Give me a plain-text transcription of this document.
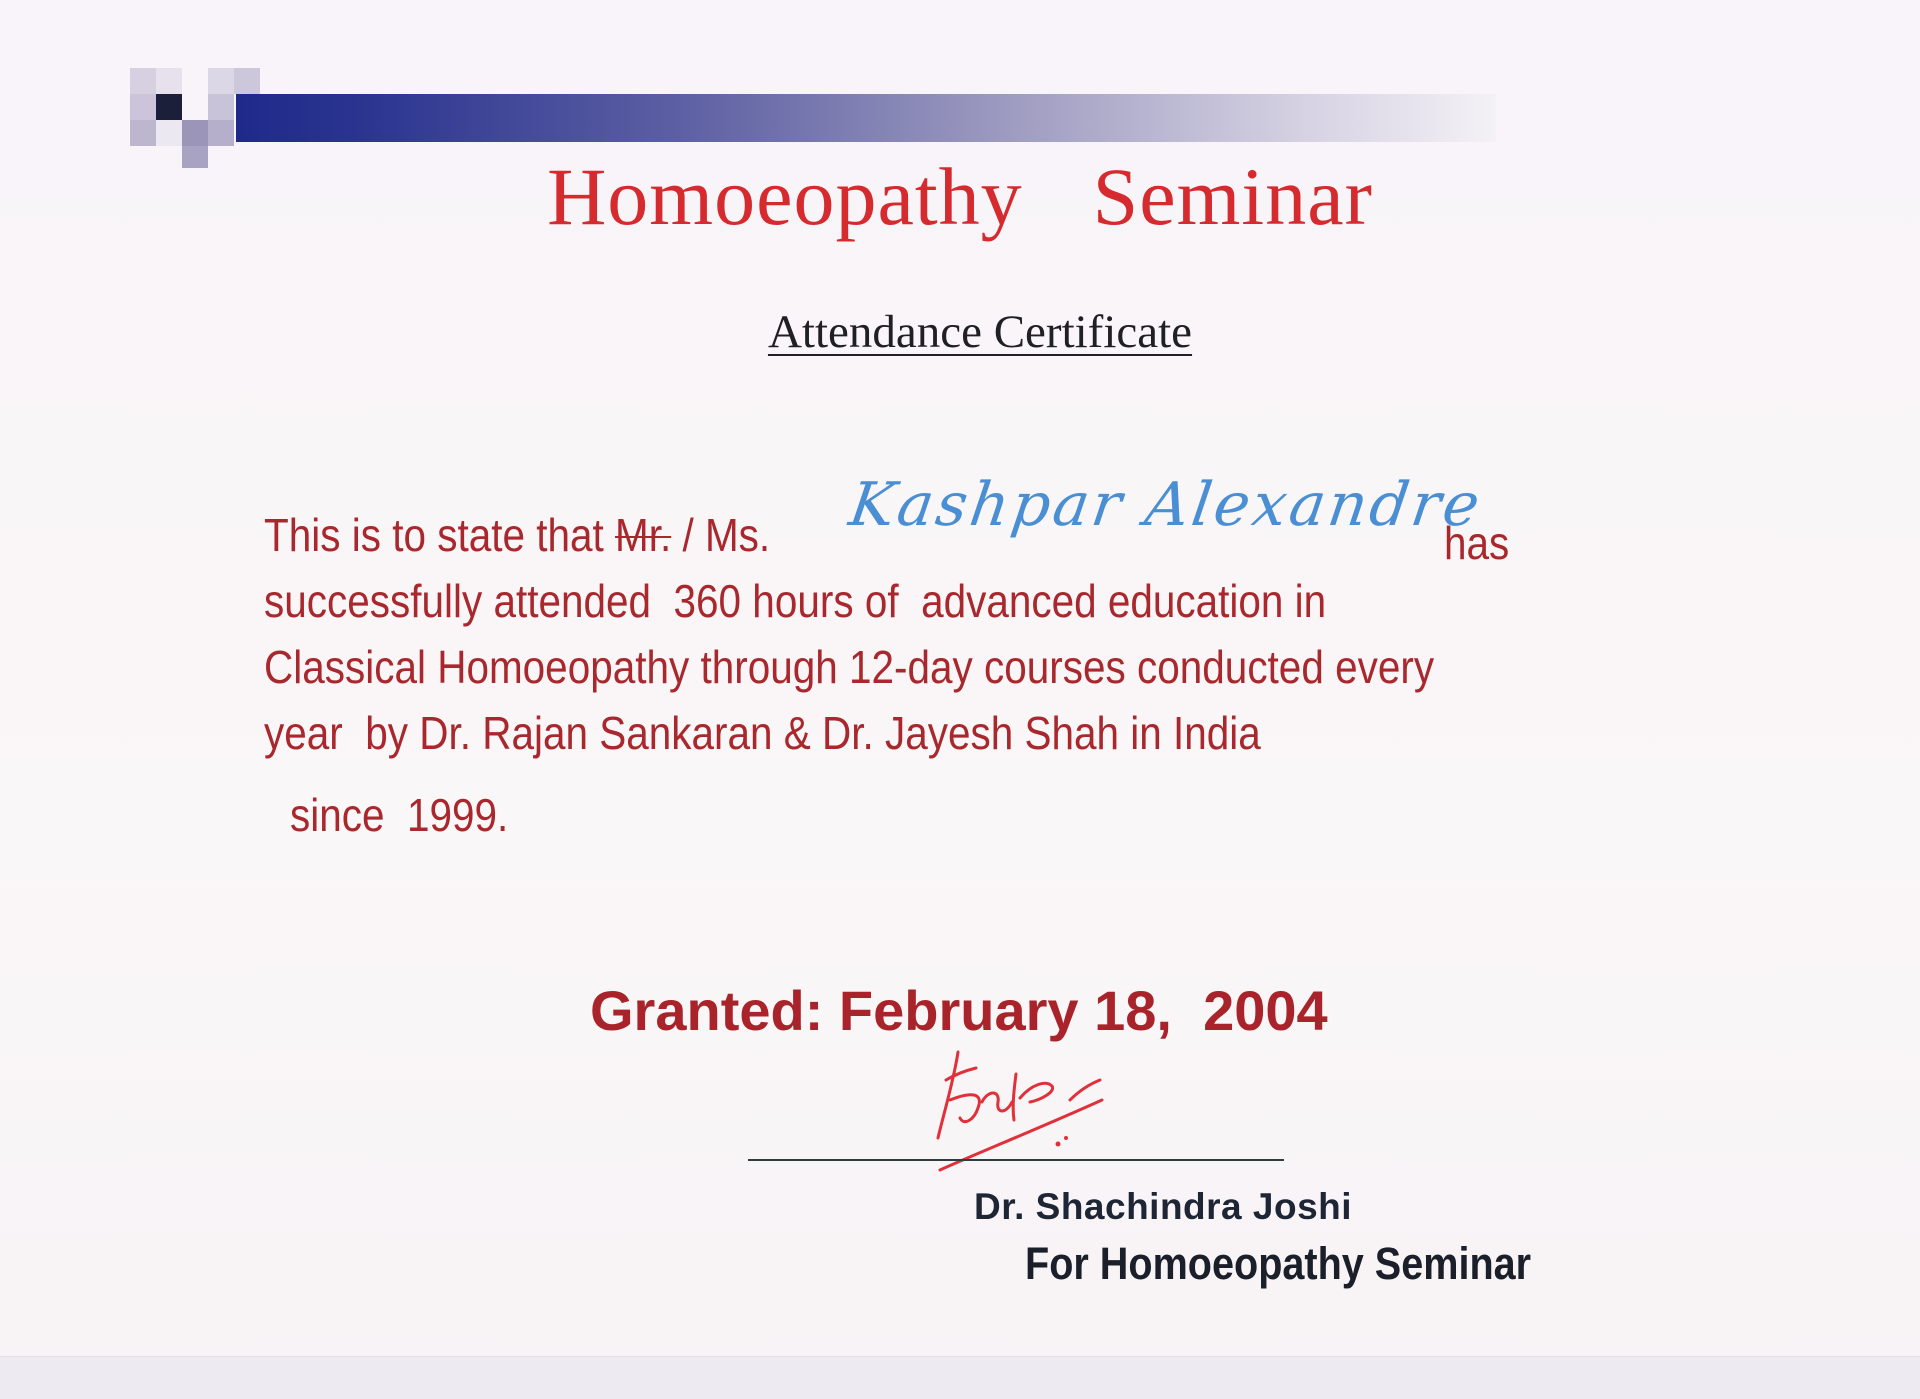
Homoeopathy Seminar
Attendance Certificate
This is to state that Mr. / Ms.
successfully attended  360 hours of  advanced education in
Classical Homoeopathy through 12-day courses conducted every
year  by Dr. Rajan Sankaran & Dr. Jayesh Shah in India
Kashpar Alexandre
has
since  1999.
Granted: February 18,  2004
Dr. Shachindra Joshi
For Homoeopathy Seminar
